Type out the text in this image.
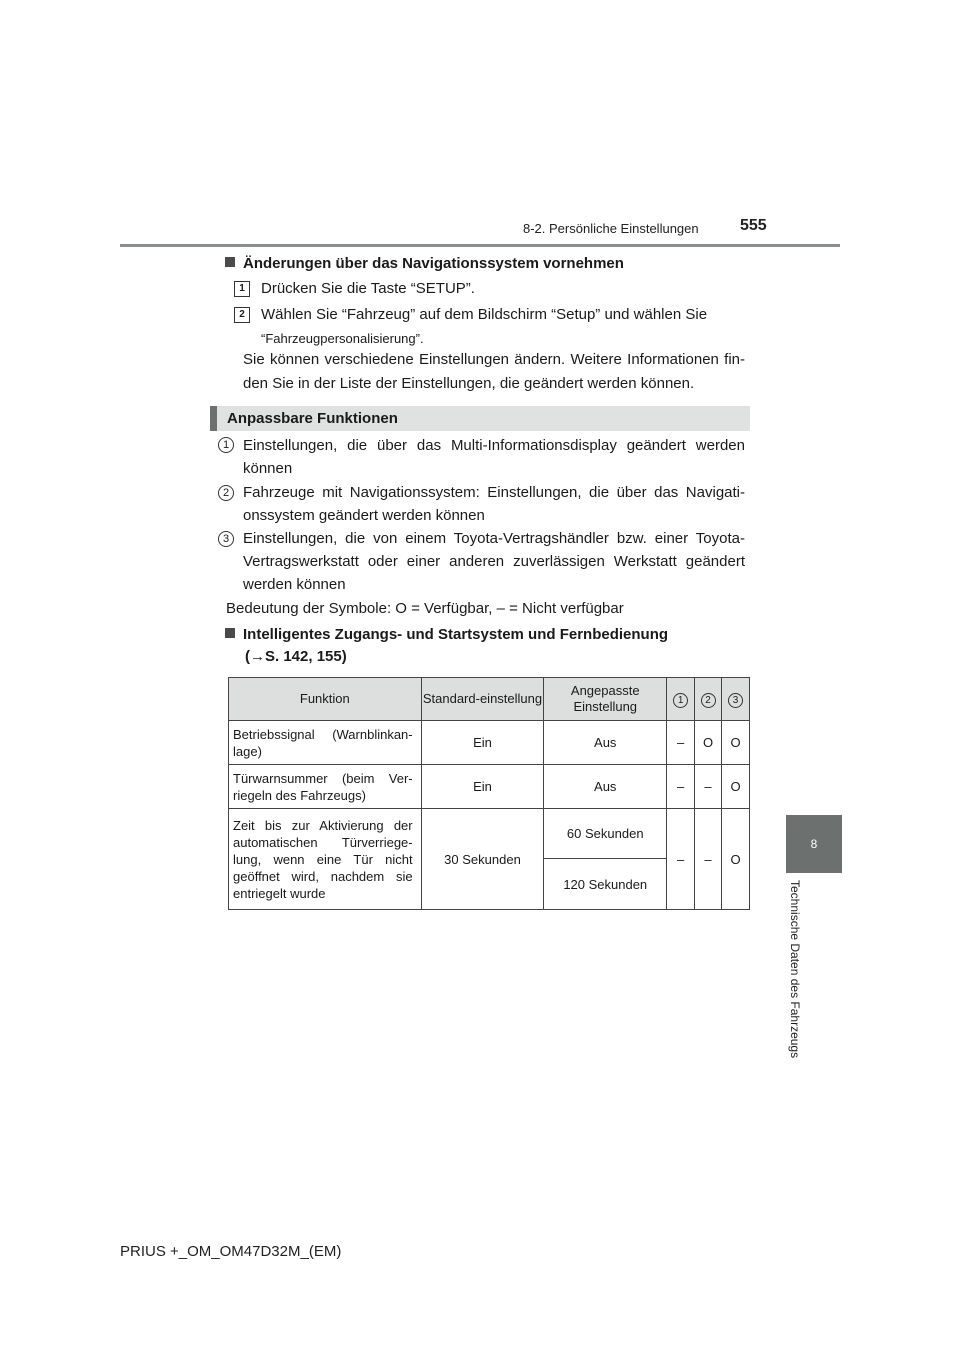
8-2. Persönliche Einstellungen	555
8
Technische Daten des Fahrzeugs
Änderungen über das Navigationssystem vornehmen
1	Drücken Sie die Taste “SETUP”.
2	Wählen Sie “Fahrzeug” auf dem Bildschirm “Setup” und wählen Sie
“Fahrzeugpersonalisierung”.
Sie können verschiedene Einstellungen ändern. Weitere Informationen fin-den Sie in der Liste der Einstellungen, die geändert werden können.
Anpassbare Funktionen
1 Einstellungen, die über das Multi-Informationsdisplay geändert werden können
2 Fahrzeuge mit Navigationssystem: Einstellungen, die über das Navigati-onssystem geändert werden können
3 Einstellungen, die von einem Toyota-Vertragshändler bzw. einer Toyota-Vertragswerkstatt oder einer anderen zuverlässigen Werkstatt geändert werden können
Bedeutung der Symbole: O = Verfügbar, – = Nicht verfügbar
Intelligentes Zugangs- und Startsystem und Fernbedienung
(→S. 142, 155)
Funktion	Standard-einstellung	Angepasste Einstellung	1	2	3
Betriebssignal (Warnblinkan-lage)	Ein	Aus	–	O	O
Türwarnsummer (beim Ver-riegeln des Fahrzeugs)	Ein	Aus	–	–	O
Zeit bis zur Aktivierung der automatischen Türverriege-lung, wenn eine Tür nicht geöffnet wird, nachdem sie entriegelt wurde	30 Sekunden	60 Sekunden	–	–	O
		120 Sekunden			
PRIUS +_OM_OM47D32M_(EM)
